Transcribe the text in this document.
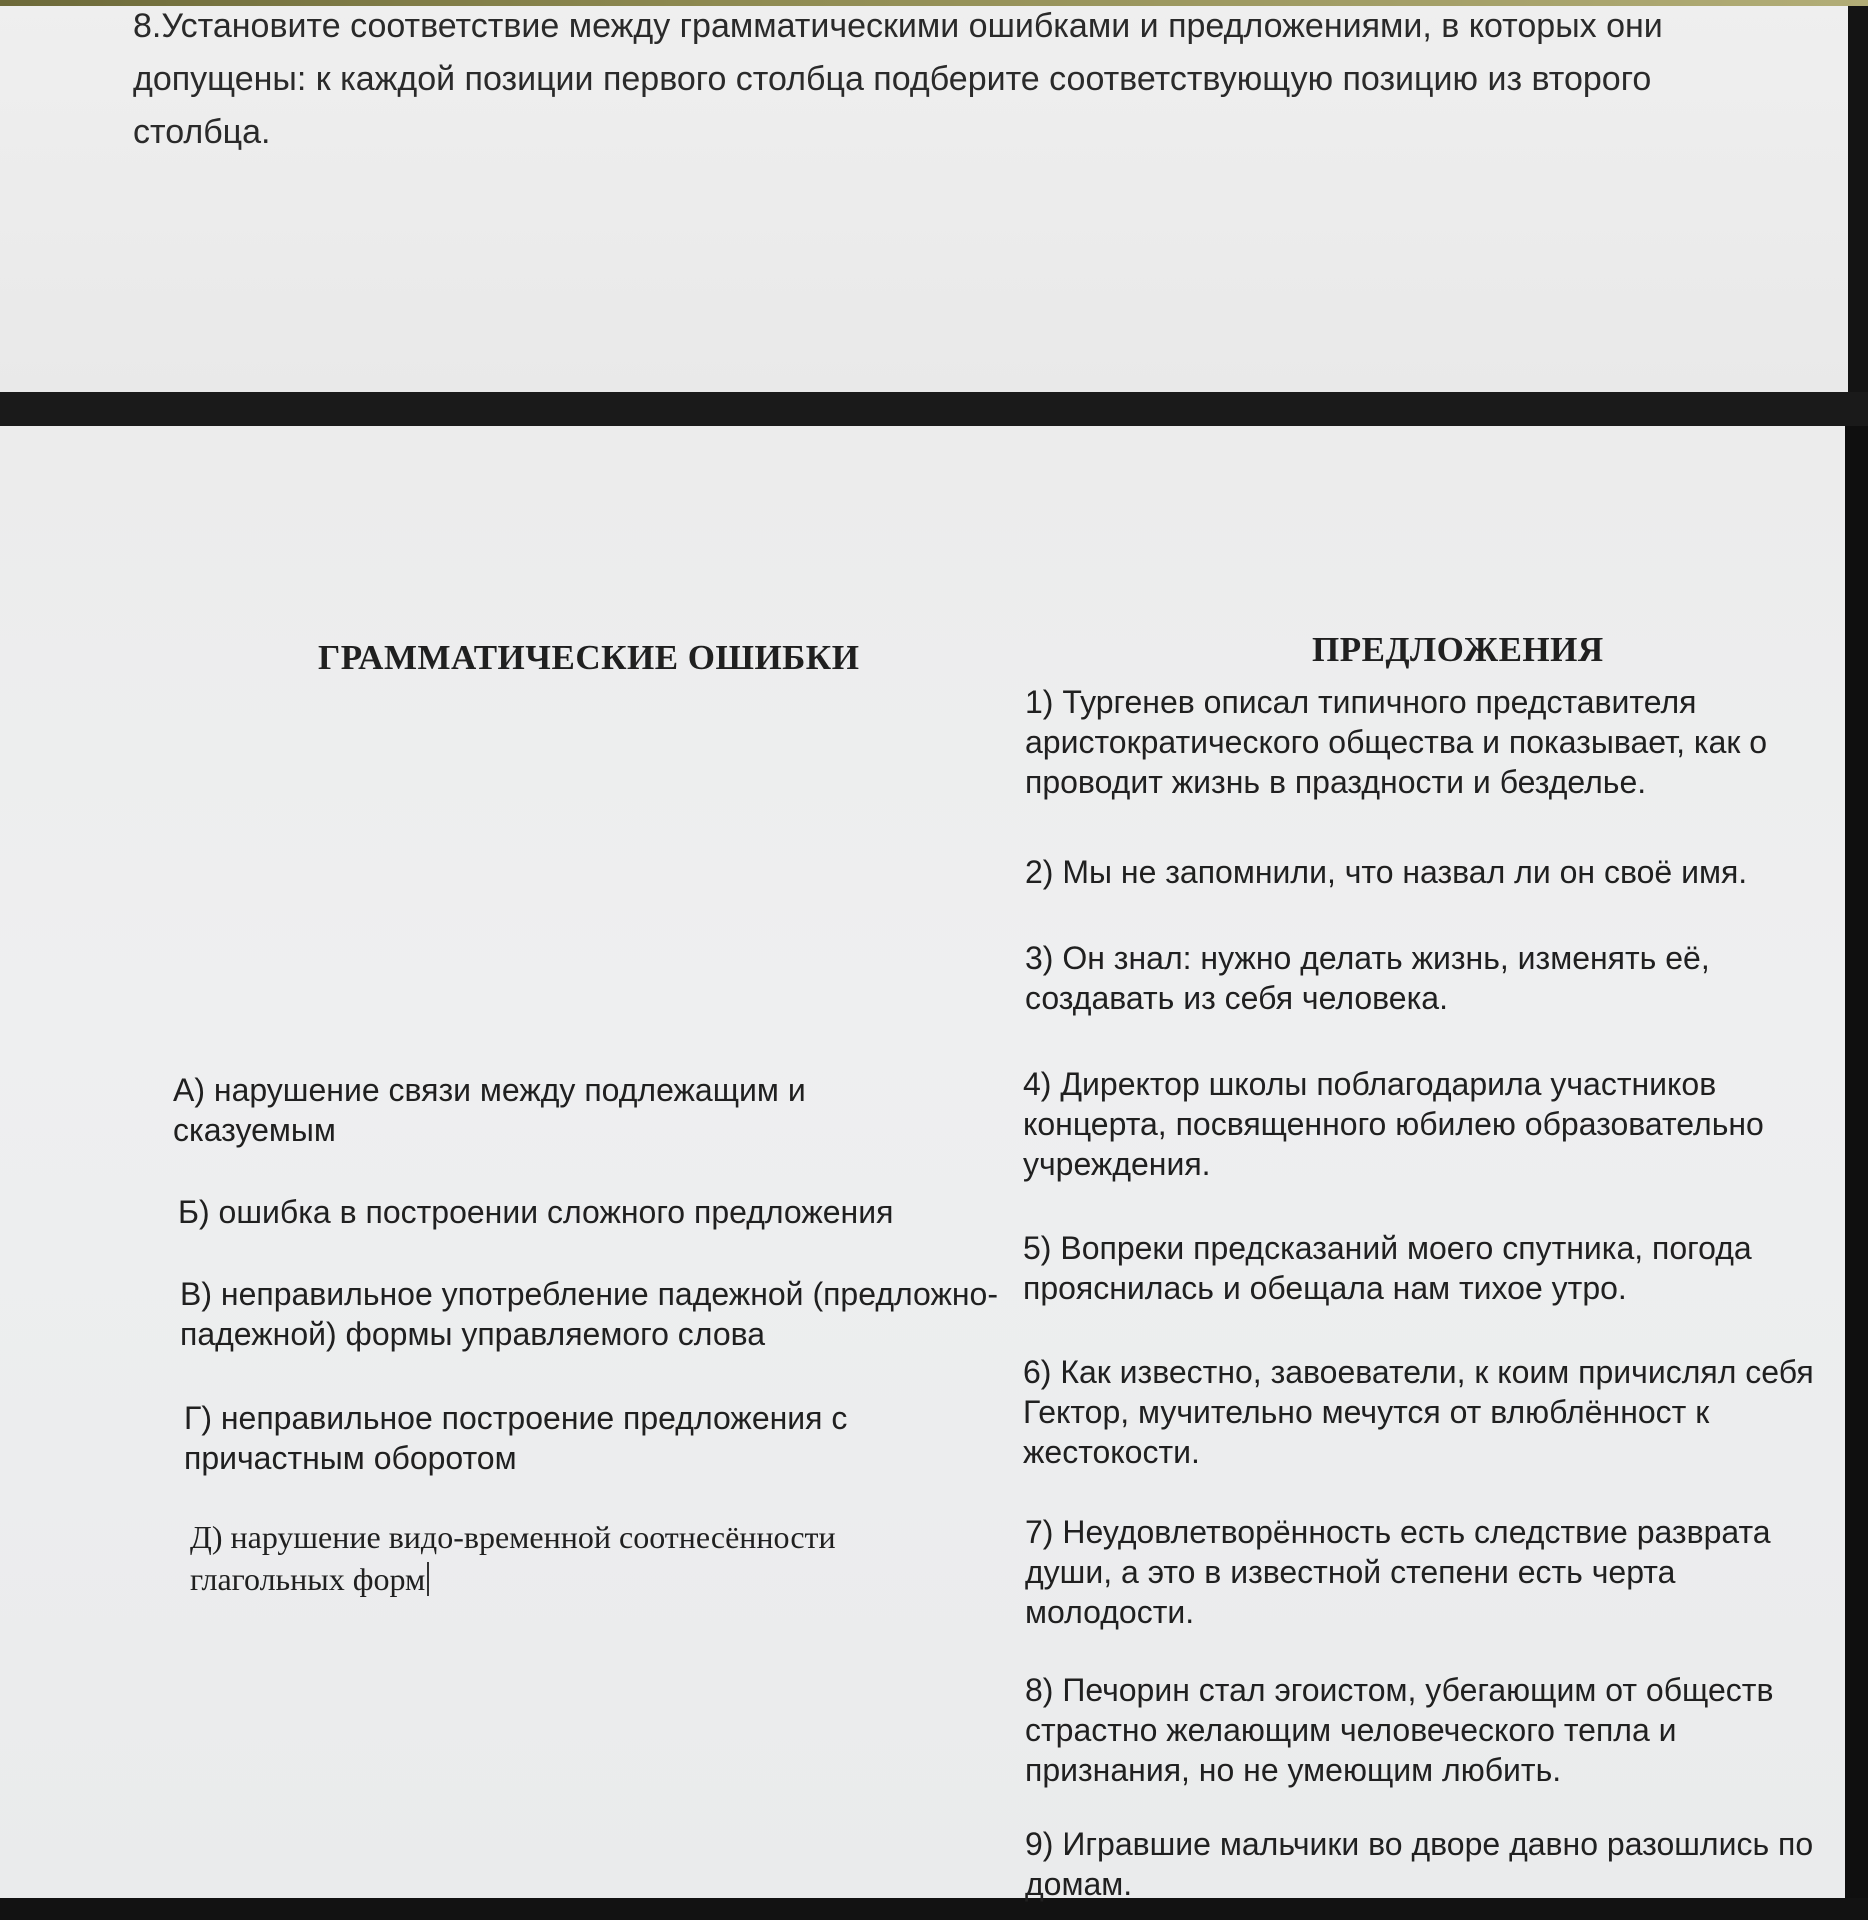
8.Установите соответствие между грамматическими ошибками и предложениями, в которых они допущены: к каждой позиции первого столбца подберите соответствующую позицию из второго столбца.

ГРАММАТИЧЕСКИЕ ОШИБКИ	ПРЕДЛОЖЕНИЯ

А) нарушение связи между подлежащим и сказуемым

Б) ошибка в построении сложного предложения

В) неправильное употребление падежной (предложно-падежной) формы управляемого слова

Г) неправильное построение предложения с причастным оборотом

Д) нарушение видо-временной соотнесённости глагольных форм

1) Тургенев описал типичного представителя аристократического общества и показывает, как о проводит жизнь в праздности и безделье.

2) Мы не запомнили, что назвал ли он своё имя.

3) Он знал: нужно делать жизнь, изменять её, создавать из себя человека.

4) Директор школы поблагодарила участников концерта, посвященного юбилею образовательно учреждения.

5) Вопреки предсказаний моего спутника, погода прояснилась и обещала нам тихое утро.

6) Как известно, завоеватели, к коим причислял себя Гектор, мучительно мечутся от влюблённост к жестокости.

7) Неудовлетворённость есть следствие разврата души, а это в известной степени есть черта молодости.

8) Печорин стал эгоистом, убегающим от обществ страстно желающим человеческого тепла и признания, но не умеющим любить.

9) Игравшие мальчики во дворе давно разошлись по домам.
